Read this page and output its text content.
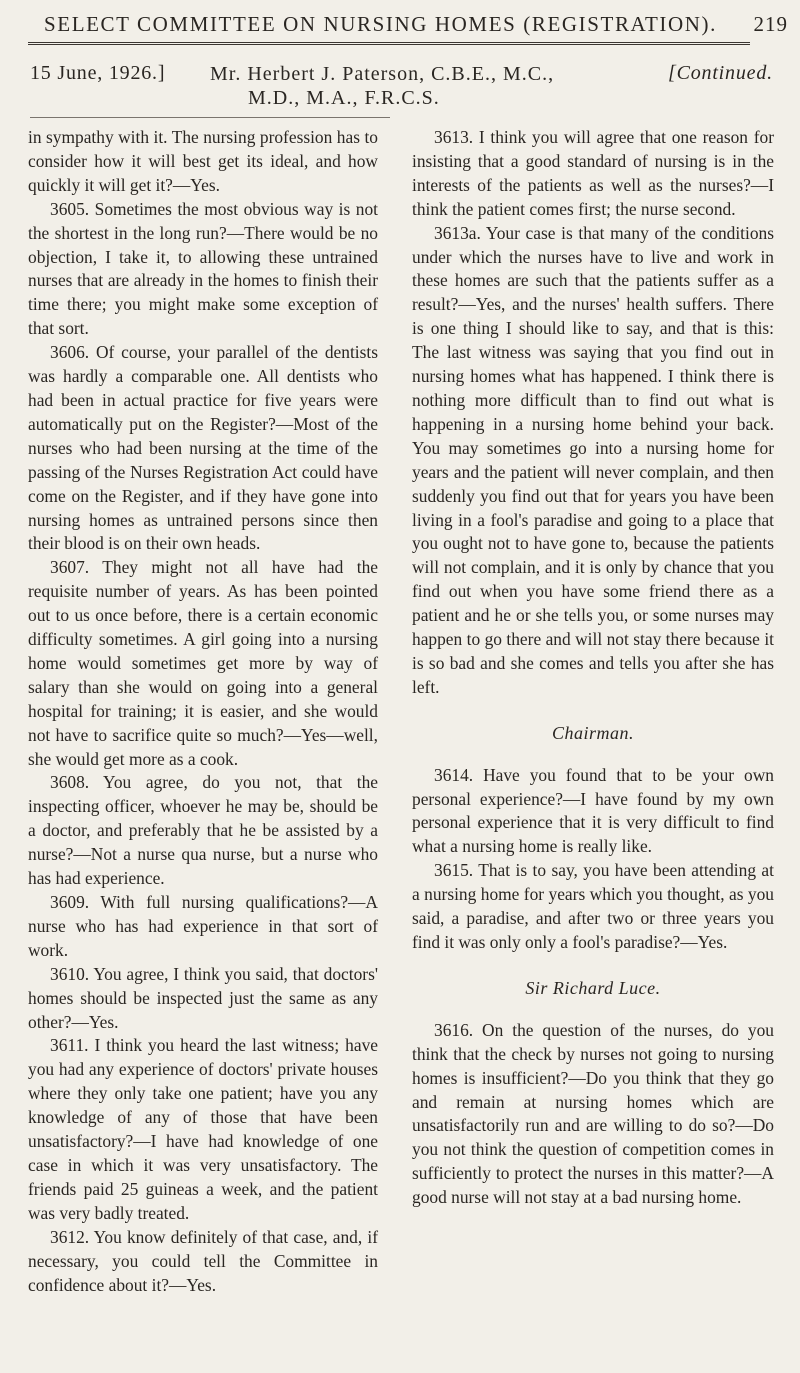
SELECT COMMITTEE ON NURSING HOMES (REGISTRATION).	219
15 June, 1926.] Mr. Herbert J. Paterson, C.B.E., M.C.,
M.D., M.A., F.R.C.S.
[Continued.

in sympathy with it. The nursing profession has to consider how it will best get its ideal, and how quickly it will get it?—Yes.

3605. Sometimes the most obvious way is not the shortest in the long run?—There would be no objection, I take it, to allowing these untrained nurses that are already in the homes to finish their time there; you might make some exception of that sort.

3606. Of course, your parallel of the dentists was hardly a comparable one. All dentists who had been in actual practice for five years were automatically put on the Register?—Most of the nurses who had been nursing at the time of the passing of the Nurses Registration Act could have come on the Register, and if they have gone into nursing homes as untrained persons since then their blood is on their own heads.

3607. They might not all have had the requisite number of years. As has been pointed out to us once before, there is a certain economic difficulty sometimes. A girl going into a nursing home would sometimes get more by way of salary than she would on going into a general hospital for training; it is easier, and she would not have to sacrifice quite so much?—Yes—well, she would get more as a cook.

3608. You agree, do you not, that the inspecting officer, whoever he may be, should be a doctor, and preferably that he be assisted by a nurse?—Not a nurse qua nurse, but a nurse who has had experience.

3609. With full nursing qualifications?—A nurse who has had experience in that sort of work.

3610. You agree, I think you said, that doctors' homes should be inspected just the same as any other?—Yes.

3611. I think you heard the last witness; have you had any experience of doctors' private houses where they only take one patient; have you any knowledge of any of those that have been unsatisfactory?—I have had knowledge of one case in which it was very unsatisfactory. The friends paid 25 guineas a week, and the patient was very badly treated.

3612. You know definitely of that case, and, if necessary, you could tell the Committee in confidence about it?—Yes.

3613. I think you will agree that one reason for insisting that a good standard of nursing is in the interests of the patients as well as the nurses?—I think the patient comes first; the nurse second.

3613a. Your case is that many of the conditions under which the nurses have to live and work in these homes are such that the patients suffer as a result?—Yes, and the nurses' health suffers. There is one thing I should like to say, and that is this: The last witness was saying that you find out in nursing homes what has happened. I think there is nothing more difficult than to find out what is happening in a nursing home behind your back. You may sometimes go into a nursing home for years and the patient will never complain, and then suddenly you find out that for years you have been living in a fool's paradise and going to a place that you ought not to have gone to, because the patients will not complain, and it is only by chance that you find out when you have some friend there as a patient and he or she tells you, or some nurses may happen to go there and will not stay there because it is so bad and she comes and tells you after she has left.

Chairman.

3614. Have you found that to be your own personal experience?—I have found by my own personal experience that it is very difficult to find what a nursing home is really like.

3615. That is to say, you have been attending at a nursing home for years which you thought, as you said, a paradise, and after two or three years you find it was only only a fool's paradise?—Yes.

Sir Richard Luce.

3616. On the question of the nurses, do you think that the check by nurses not going to nursing homes is insufficient?—Do you think that they go and remain at nursing homes which are unsatisfactorily run and are willing to do so?—Do you not think the question of competition comes in sufficiently to protect the nurses in this matter?—A good nurse will not stay at a bad nursing home.
